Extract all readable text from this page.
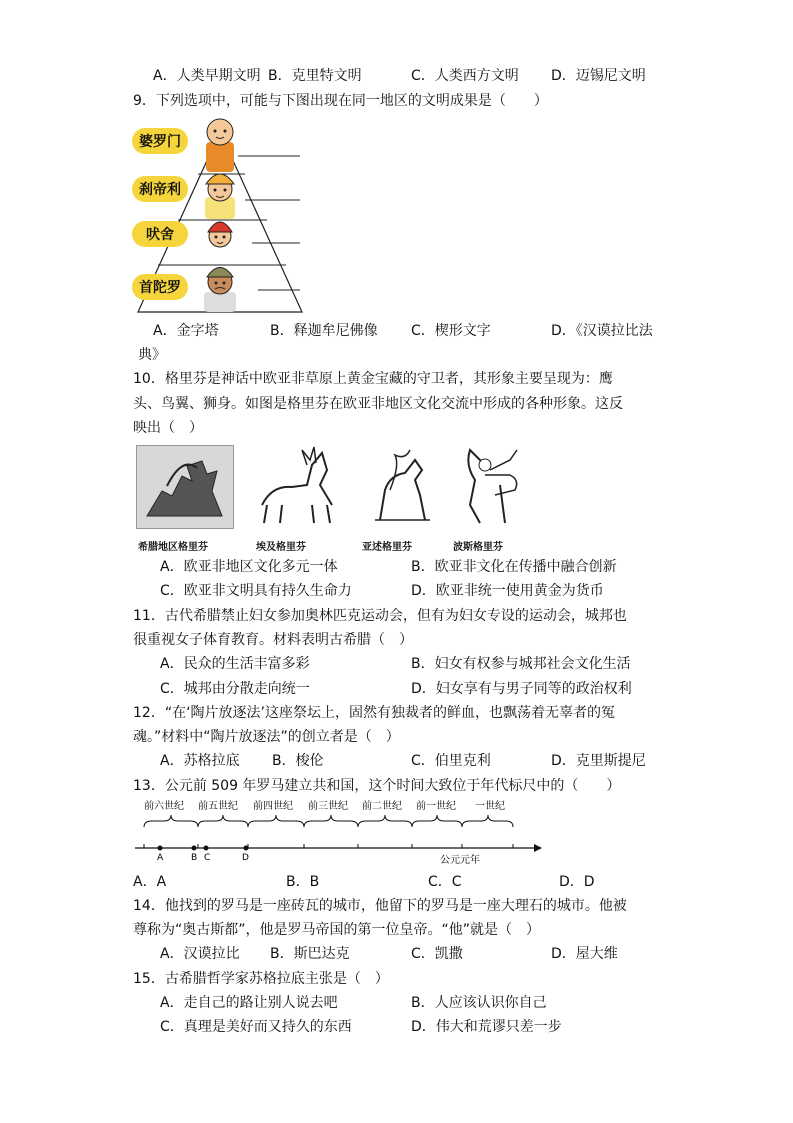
A．人类早期文明 B．克里特文明	C．人类西方文明 D．迈锡尼文明
9．下列选项中，可能与下图出现在同一地区的文明成果是（　　）
婆罗门
刹帝利
吠舍
首陀罗
A．金字塔	B．释迦牟尼佛像 C．楔形文字	D．《汉谟拉比法
典》
10．格里芬是神话中欧亚非草原上黄金宝藏的守卫者，其形象主要呈现为：鹰
头、鸟翼、狮身。如图是格里芬在欧亚非地区文化交流中形成的各种形象。这反
映出（　）
希腊地区格里芬	埃及格里芬	亚述格里芬	波斯格里芬
A．欧亚非地区文化多元一体	B．欧亚非文化在传播中融合创新
C．欧亚非文明具有持久生命力	D．欧亚非统一使用黄金为货币
11．古代希腊禁止妇女参加奥林匹克运动会，但有为妇女专设的运动会，城邦也
很重视女子体育教育。材料表明古希腊（　）
A．民众的生活丰富多彩	B．妇女有权参与城邦社会文化生活
C．城邦由分散走向统一	D．妇女享有与男子同等的政治权利
12．“在‘陶片放逐法’这座祭坛上，固然有独裁者的鲜血，也飘荡着无辜者的冤
魂。”材料中“陶片放逐法”的创立者是（　）
A．苏格拉底 B．梭伦	C．伯里克利	D．克里斯提尼
13．公元前 509 年罗马建立共和国，这个时间大致位于年代标尺中的（　　）
前六世纪 前五世纪 前四世纪 前三世纪 前二世纪 前一世纪 一世纪
A	B C	D	公元元年
A．A	B．B	C．C	D．D
14．他找到的罗马是一座砖瓦的城市，他留下的罗马是一座大理石的城市。他被
尊称为“奥古斯都”，他是罗马帝国的第一位皇帝。“他”就是（　）
A．汉谟拉比 B．斯巴达克	C．凯撒	D．屋大维
15．古希腊哲学家苏格拉底主张是（　）
A．走自己的路让别人说去吧	B．人应该认识你自己
C．真理是美好而又持久的东西	D．伟大和荒谬只差一步
